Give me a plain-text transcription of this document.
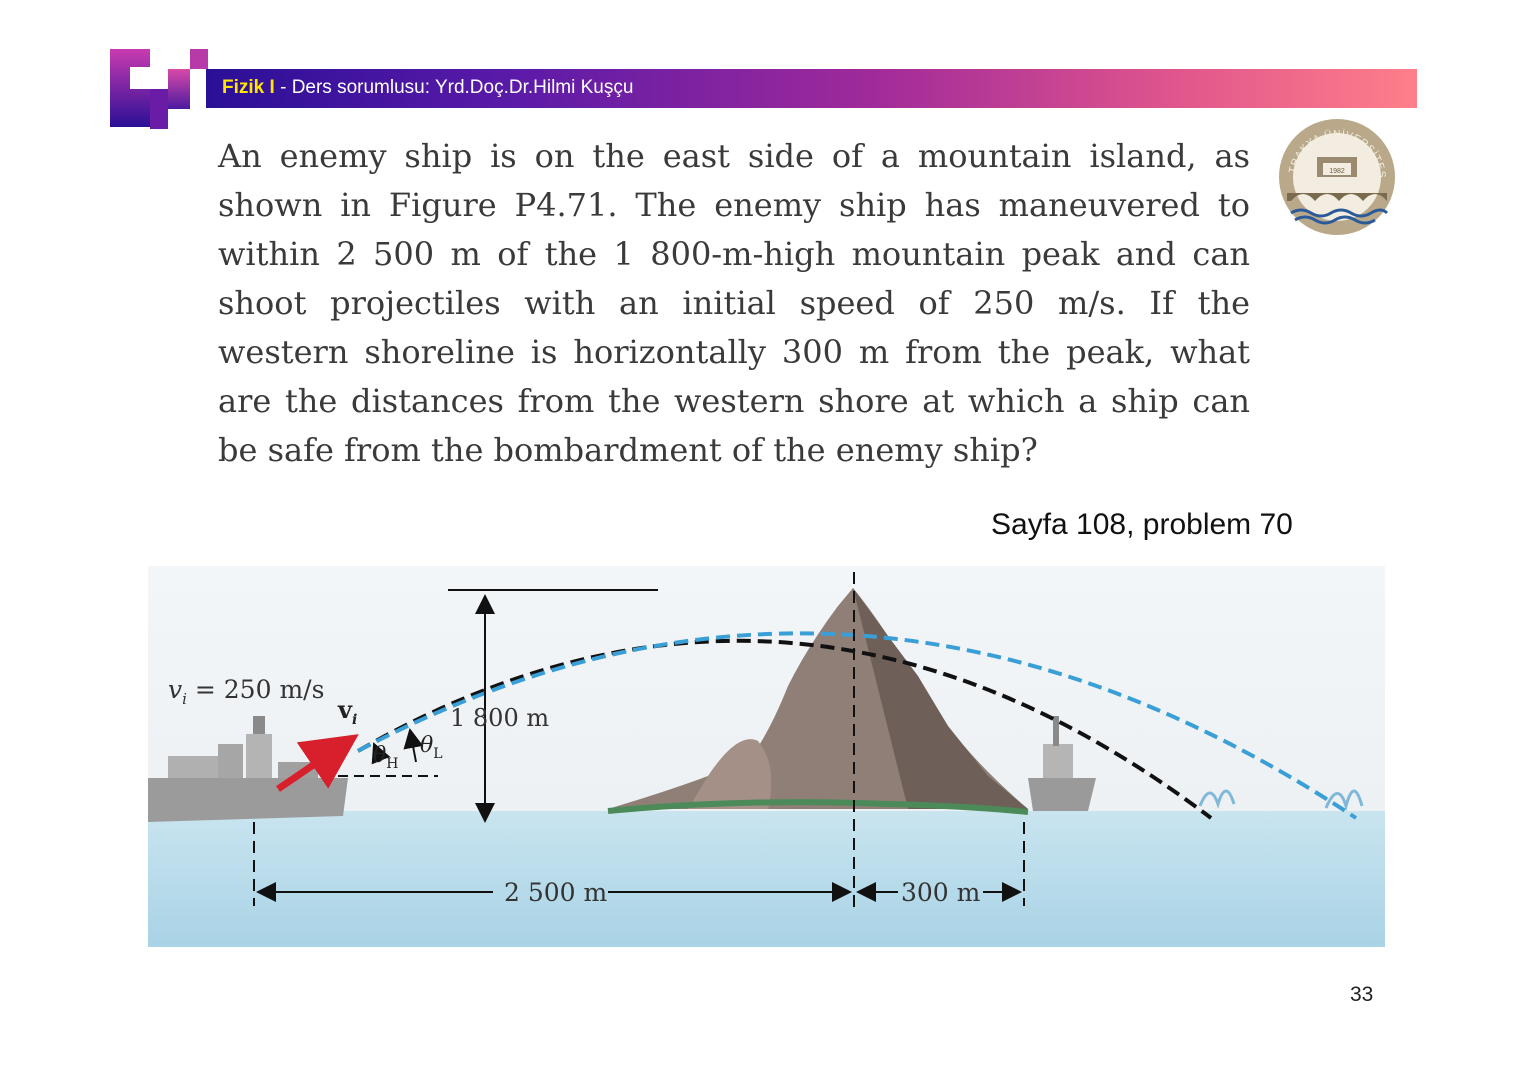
Fizik I - Ders sorumlusu: Yrd.Doç.Dr.Hilmi Kuşçu
TRAKYA ÜNİVERSİTES
1982

An enemy ship is on the east side of a mountain island, as shown in Figure P4.71. The enemy ship has maneuvered to within 2 500 m of the 1 800-m-high mountain peak and can shoot projectiles with an initial speed of 250 m/s. If the western shoreline is horizontally 300 m from the peak, what are the distances from the western shore at which a ship can be safe from the bombardment of the enemy ship?

Sayfa 108, problem 70
$v_i = 250$ m/s
$v_i$
$\theta_H$
$\theta_L$
1 800 m
2 500 m	300 m
33
